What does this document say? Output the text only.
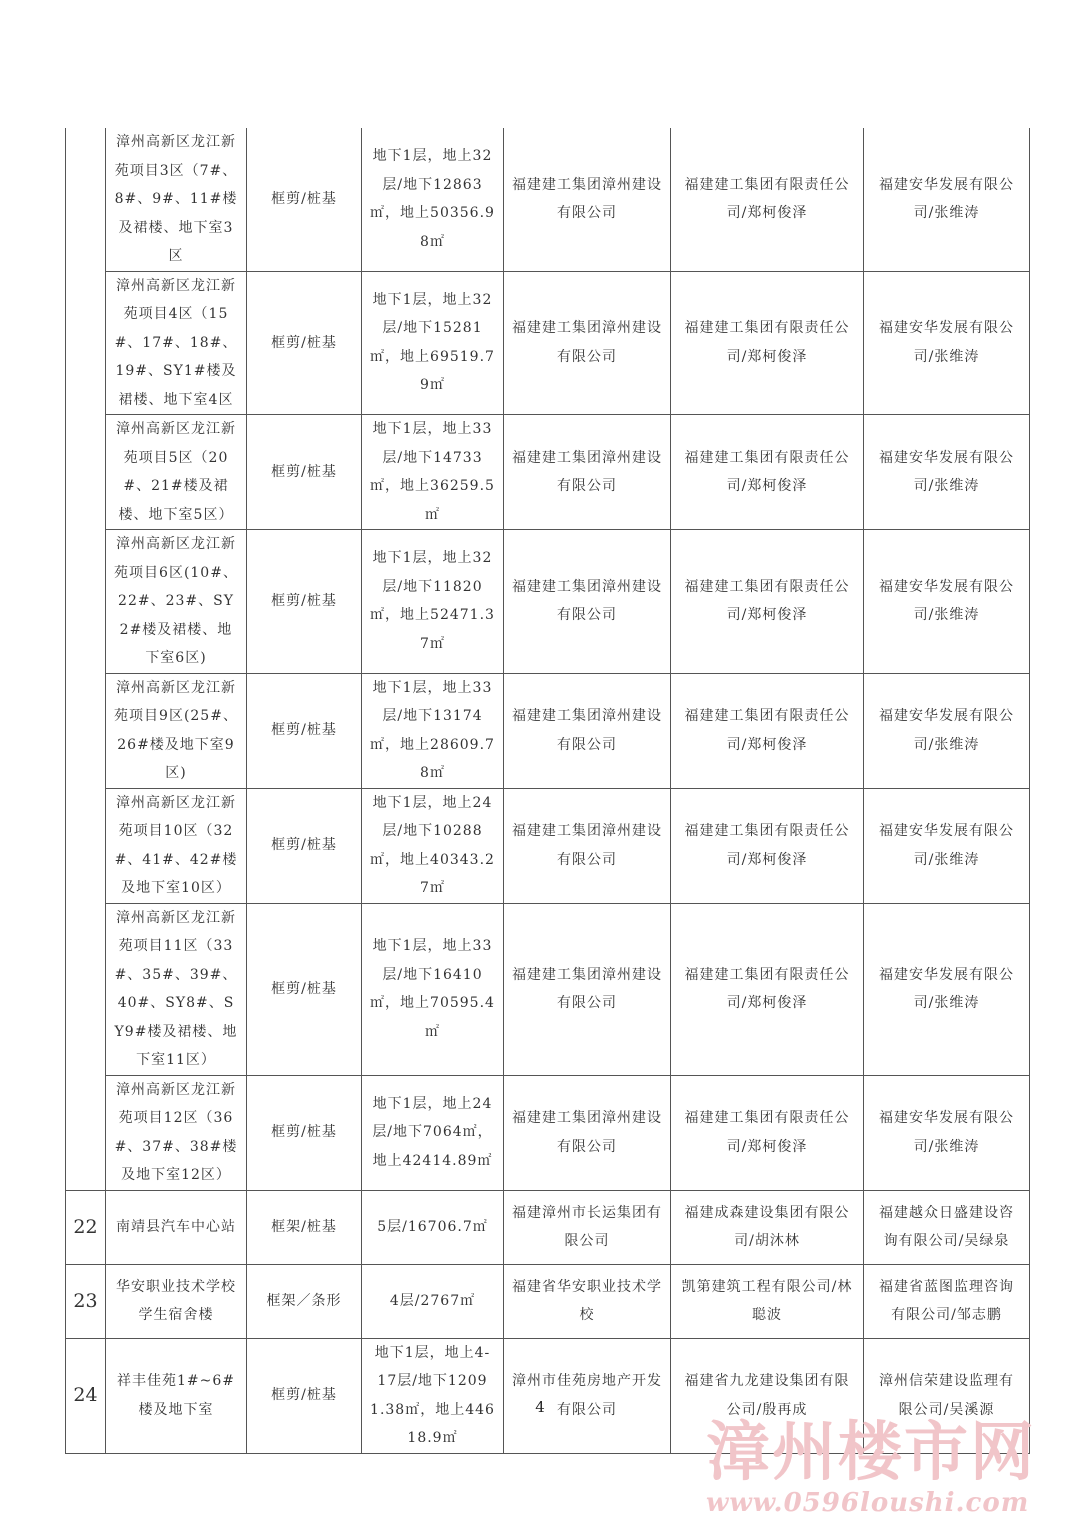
	漳州高新区龙江新苑项目3区（7#、8#、9#、11#楼及裙楼、地下室3区	框剪/桩基	地下1层，地上32层/地下12863㎡，地上50356.98㎡	福建建工集团漳州建设有限公司	福建建工集团有限责任公司/郑柯俊泽	福建安华发展有限公司/张维涛
	漳州高新区龙江新苑项目4区（15#、17#、18#、19#、SY1#楼及裙楼、地下室4区	框剪/桩基	地下1层，地上32层/地下15281㎡，地上69519.79㎡	福建建工集团漳州建设有限公司	福建建工集团有限责任公司/郑柯俊泽	福建安华发展有限公司/张维涛
	漳州高新区龙江新苑项目5区（20#、21#楼及裙楼、地下室5区）	框剪/桩基	地下1层，地上33层/地下14733㎡，地上36259.5㎡	福建建工集团漳州建设有限公司	福建建工集团有限责任公司/郑柯俊泽	福建安华发展有限公司/张维涛
	漳州高新区龙江新苑项目6区(10#、22#、23#、SY2#楼及裙楼、地下室6区)	框剪/桩基	地下1层，地上32层/地下11820㎡，地上52471.37㎡	福建建工集团漳州建设有限公司	福建建工集团有限责任公司/郑柯俊泽	福建安华发展有限公司/张维涛
	漳州高新区龙江新苑项目9区(25#、26#楼及地下室9区)	框剪/桩基	地下1层，地上33层/地下13174㎡，地上28609.78㎡	福建建工集团漳州建设有限公司	福建建工集团有限责任公司/郑柯俊泽	福建安华发展有限公司/张维涛
	漳州高新区龙江新苑项目10区（32#、41#、42#楼及地下室10区）	框剪/桩基	地下1层，地上24层/地下10288㎡，地上40343.27㎡	福建建工集团漳州建设有限公司	福建建工集团有限责任公司/郑柯俊泽	福建安华发展有限公司/张维涛
	漳州高新区龙江新苑项目11区（33#、35#、39#、40#、SY8#、SY9#楼及裙楼、地下室11区）	框剪/桩基	地下1层，地上33层/地下16410㎡，地上70595.4㎡	福建建工集团漳州建设有限公司	福建建工集团有限责任公司/郑柯俊泽	福建安华发展有限公司/张维涛
	漳州高新区龙江新苑项目12区（36#、37#、38#楼及地下室12区）	框剪/桩基	地下1层，地上24层/地下7064㎡，地上42414.89㎡	福建建工集团漳州建设有限公司	福建建工集团有限责任公司/郑柯俊泽	福建安华发展有限公司/张维涛
22	南靖县汽车中心站	框架/桩基	5层/16706.7㎡	福建漳州市长运集团有限公司	福建成森建设集团有限公司/胡沐林	福建越众日盛建设咨询有限公司/吴绿泉
23	华安职业技术学校学生宿舍楼	框架／条形	4层/2767㎡	福建省华安职业技术学校	凯第建筑工程有限公司/林聪波	福建省蓝图监理咨询有限公司/邹志鹏
24	祥丰佳苑1#~6#楼及地下室	框剪/桩基	地下1层，地上4-17层/地下12091.38㎡，地上44618.9㎡	漳州市佳苑房地产开发有限公司	福建省九龙建设集团有限公司/殷再成	漳州信荣建设监理有限公司/吴溪源
4
漳州楼市网
www.0596loushi.com
